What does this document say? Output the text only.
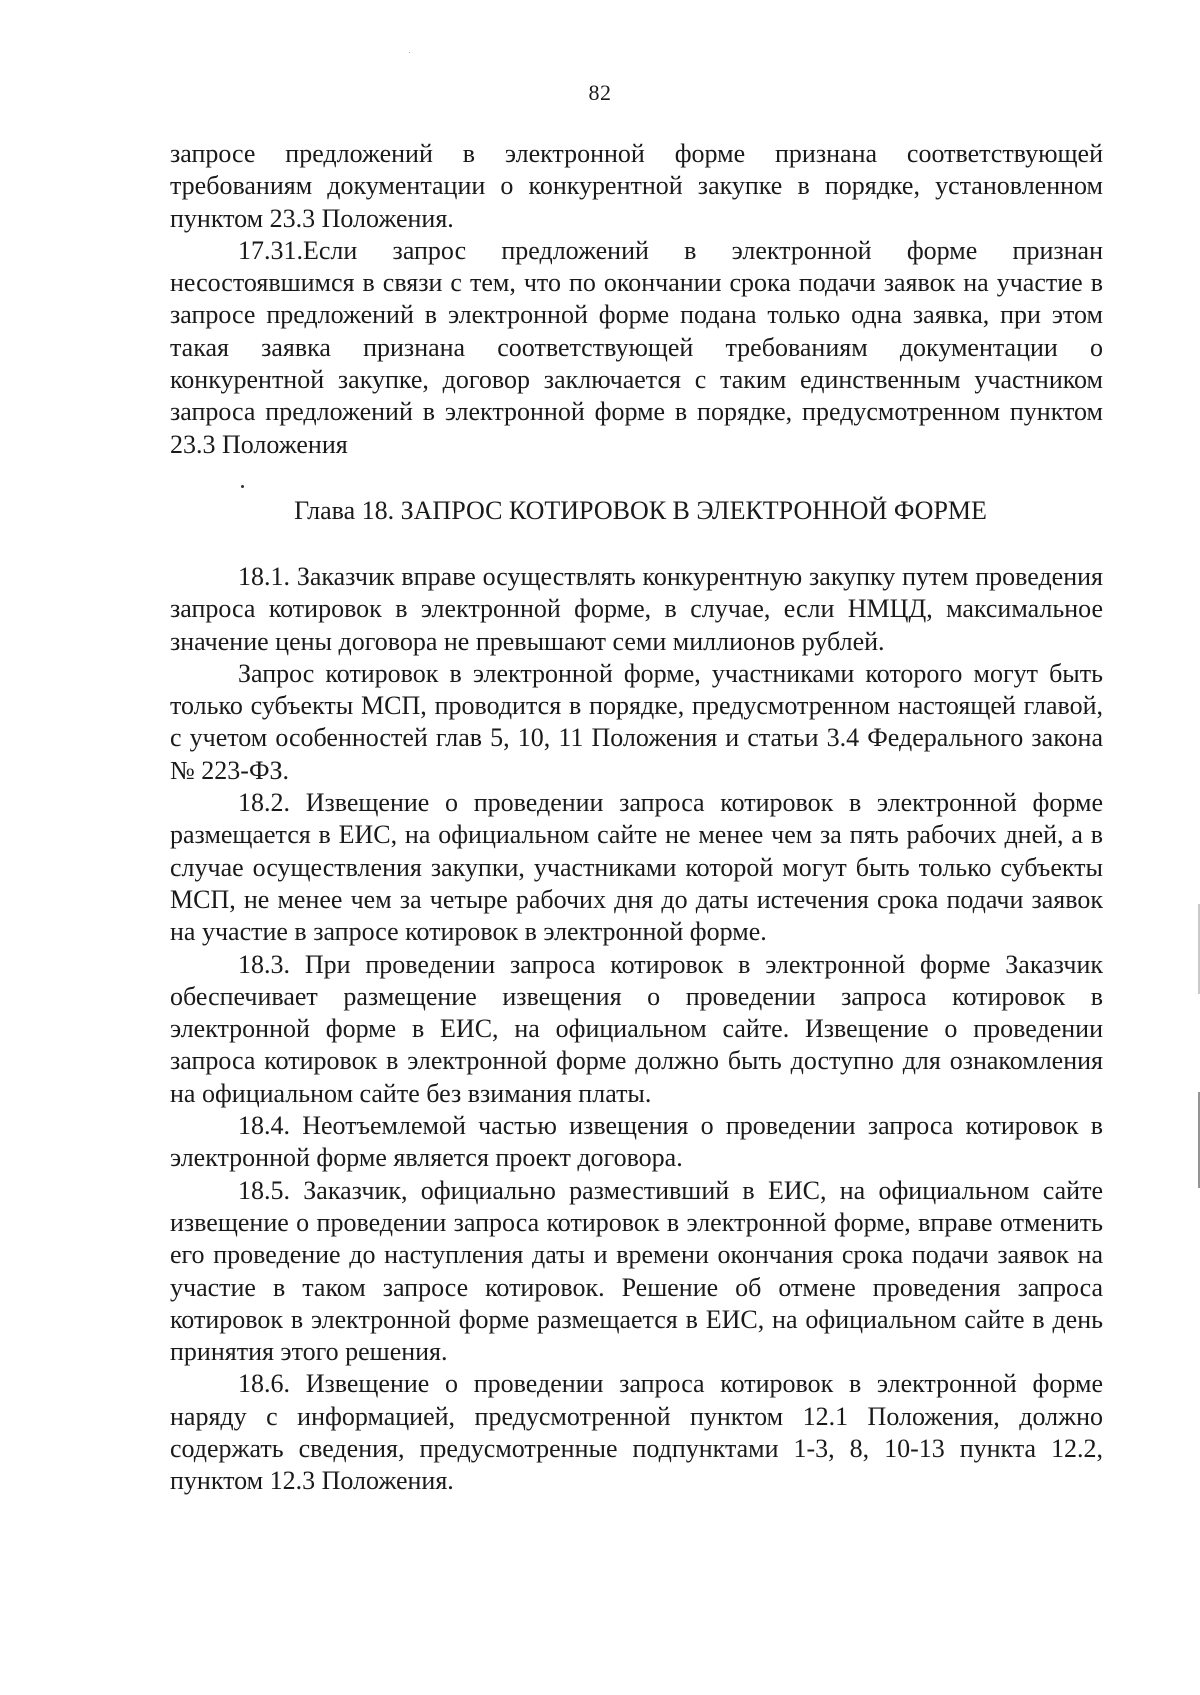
82

запросе предложений в электронной форме признана соответствующей требованиям документации о конкурентной закупке в порядке, установленном пунктом 23.3 Положения.

17.31.Если запрос предложений в электронной форме признан несостоявшимся в связи с тем, что по окончании срока подачи заявок на участие в запросе предложений в электронной форме подана только одна заявка, при этом такая заявка признана соответствующей требованиям документации о конкурентной закупке, договор заключается с таким единственным участником запроса предложений в электронной форме в порядке, предусмотренном пунктом 23.3 Положения

Глава 18. ЗАПРОС КОТИРОВОК В ЭЛЕКТРОННОЙ ФОРМЕ

18.1. Заказчик вправе осуществлять конкурентную закупку путем проведения запроса котировок в электронной форме, в случае, если НМЦД, максимальное значение цены договора не превышают семи миллионов рублей.

Запрос котировок в электронной форме, участниками которого могут быть только субъекты МСП, проводится в порядке, предусмотренном настоящей главой, с учетом особенностей глав 5, 10, 11 Положения и статьи 3.4 Федерального закона № 223-ФЗ.

18.2. Извещение о проведении запроса котировок в электронной форме размещается в ЕИС, на официальном сайте не менее чем за пять рабочих дней, а в случае осуществления закупки, участниками которой могут быть только субъекты МСП, не менее чем за четыре рабочих дня до даты истечения срока подачи заявок на участие в запросе котировок в электронной форме.

18.3. При проведении запроса котировок в электронной форме Заказчик обеспечивает размещение извещения о проведении запроса котировок в электронной форме в ЕИС, на официальном сайте. Извещение о проведении запроса котировок в электронной форме должно быть доступно для ознакомления на официальном сайте без взимания платы.

18.4. Неотъемлемой частью извещения о проведении запроса котировок в электронной форме является проект договора.

18.5. Заказчик, официально разместивший в ЕИС, на официальном сайте извещение о проведении запроса котировок в электронной форме, вправе отменить его проведение до наступления даты и времени окончания срока подачи заявок на участие в таком запросе котировок. Решение об отмене проведения запроса котировок в электронной форме размещается в ЕИС, на официальном сайте в день принятия этого решения.

18.6. Извещение о проведении запроса котировок в электронной форме наряду с информацией, предусмотренной пунктом 12.1 Положения, должно содержать сведения, предусмотренные подпунктами 1-3, 8, 10-13 пункта 12.2, пунктом 12.3 Положения.
